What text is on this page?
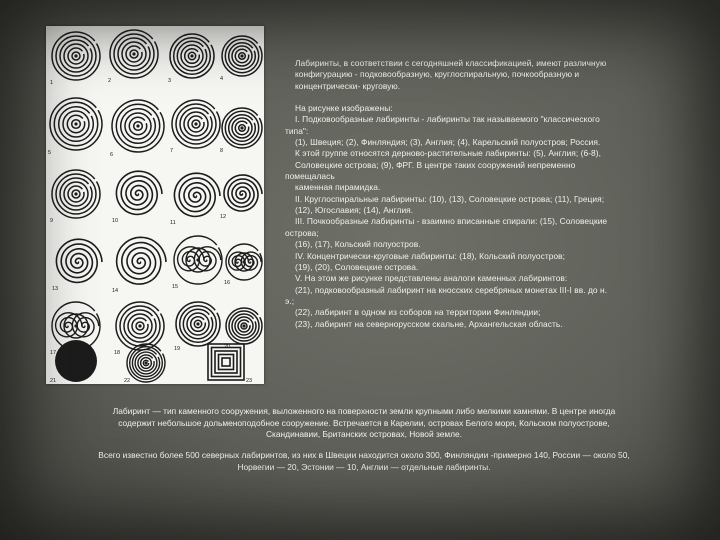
1	2	3	4
5	6
7	8
9	10	11
12
13	14
15
16
17	18
19	20
21	22	23

Лабиринты, в соответствии с сегодняшней классификацией, имеют различную

конфигурацию - подковообразную, круглоспиральную, почкообразную и

концентрически- круговую.

На рисунке изображены:

I. Подковообразные лабиринты - лабиринты так называемого "классического

типа":

(1), Швеция; (2), Финляндия; (3), Англия; (4), Карельский полуостров; Россия.

К этой группе относятся дерново-растительные лабиринты: (5), Англия; (6-8),

Соловецкие острова; (9), ФРГ. В центре таких сооружений непременно

помещалась

каменная пирамидка.

II. Круглоспиральные лабиринты: (10), (13), Соловецкие острова; (11), Греция;

(12), Югославия; (14), Англия.

III. Почкообразные лабиринты - взаимно вписанные спирали: (15), Соловецкие

острова;

(16), (17), Кольский полуостров.

IV. Концентрически-круговые лабиринты: (18), Кольский полуостров;

(19), (20), Соловецкие острова.

V. На этом же рисунке представлены аналоги каменных лабиринтов:

(21), подковообразный лабиринт на кносских серебряных монетах III-I вв. до н.

э.;

(22), лабиринт в одном из соборов на территории Финляндии;

(23), лабиринт на севернорусском скальне, Архангельская область.

Лабиринт — тип каменного сооружения, выложенного на поверхности земли крупными либо мелкими камнями. В центре иногда
содержит небольшое дольменоподобное сооружение. Встречается в Карелии, островах Белого моря, Кольском полуострове,
Скандинавии, Британских островах, Новой земле.
Всего известно более 500 северных лабиринтов, из них в Швеции находится около 300, Финляндии -примерно 140, России — около 50,
Норвегии — 20, Эстонии — 10, Англии — отдельные лабиринты.
